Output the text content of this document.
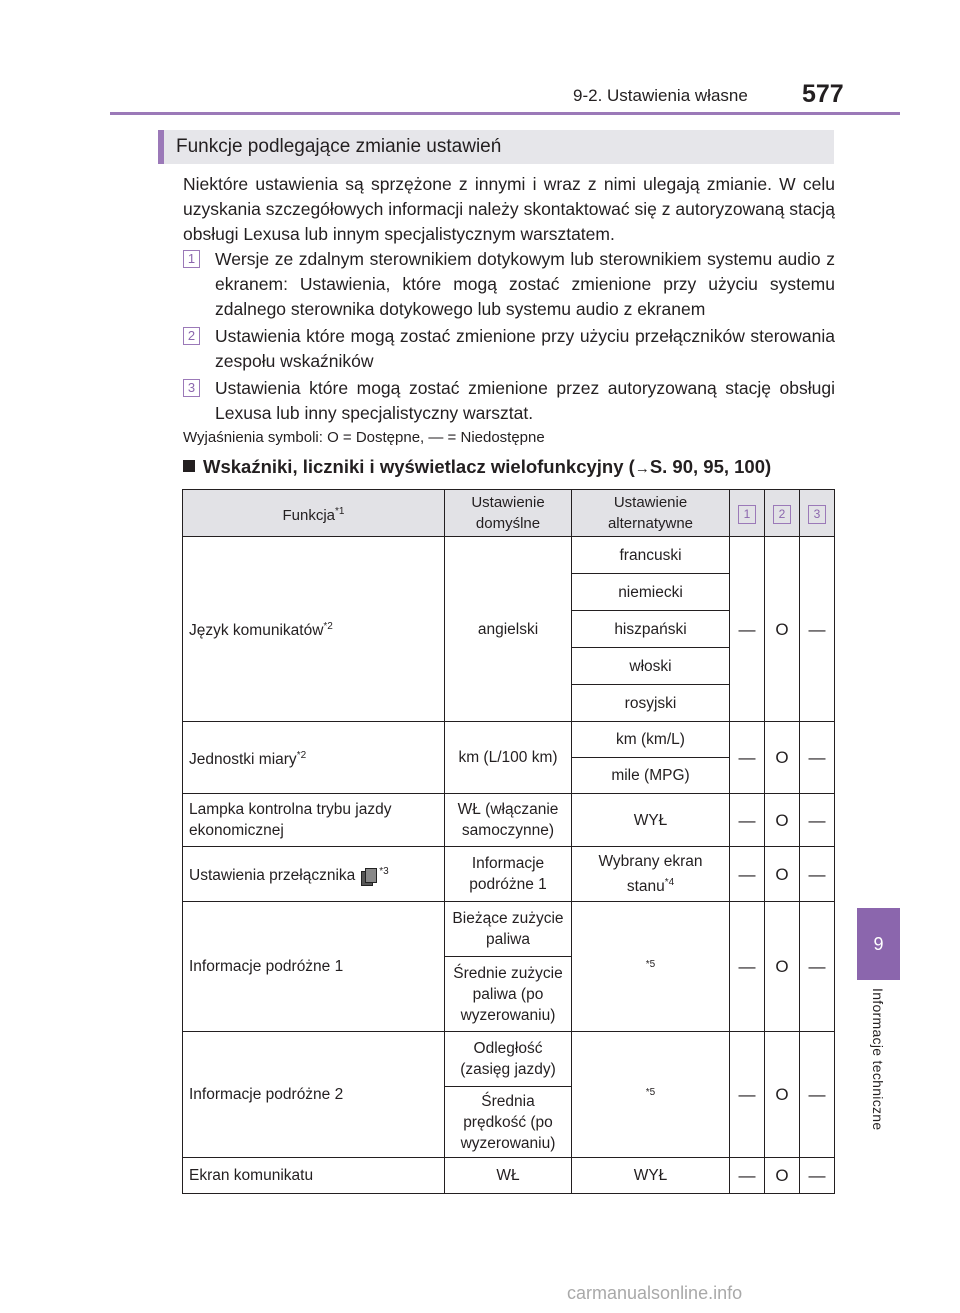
9-2. Ustawienia własne 577
9
Informacje techniczne
Funkcje podlegające zmianie ustawień

Niektóre ustawienia są sprzężone z innymi i wraz z nimi ulegają zmianie. W celu uzyskania szczegółowych informacji należy skontaktować się z autoryzowaną stacją obsługi Lexusa lub innym specjalistycznym warsztatem.

1 Wersje ze zdalnym sterownikiem dotykowym lub sterownikiem systemu audio z ekranem: Ustawienia, które mogą zostać zmienione przy użyciu systemu zdalnego sterownika dotykowego lub systemu audio z ekranem

2 Ustawienia które mogą zostać zmienione przy użyciu przełączników sterowania zespołu wskaźników

3 Ustawienia które mogą zostać zmienione przez autoryzowaną stację obsługi Lexusa lub inny specjalistyczny warsztat.

Wyjaśnienia symboli: O = Dostępne, — = Niedostępne
Wskaźniki, liczniki i wyświetlacz wielofunkcyjny (→S. 90, 95, 100)
Funkcja$^{*1}$	Ustawienie domyślne	Ustawienie alternatywne	1	2	3
Język komunikatów$^{*2}$	angielski	francuski	—	O	—
		niemiecki			
		hiszpański			
		włoski			
		rosyjski			
Jednostki miary$^{*2}$	km (L/100 km)	km (km/L)	—	O	—
		mile (MPG)			
Lampka kontrolna trybu jazdy ekonomicznej	WŁ (włączanie samoczynne)	WYŁ	—	O	—
Ustawienia przełącznika $^{*3}$	Informacje podróżne 1	Wybrany ekran stanu$^{*4}$	—	O	—
Informacje podróżne 1	Bieżące zużycie paliwa	$^{*5}$	—	O	—
	Średnie zużycie paliwa (po wyzerowaniu)				
Informacje podróżne 2	Odległość (zasięg jazdy)	$^{*5}$	—	O	—
	Średnia prędkość (po wyzerowaniu)				
Ekran komunikatu	WŁ	WYŁ	—	O	—
carmanualsonline.info
